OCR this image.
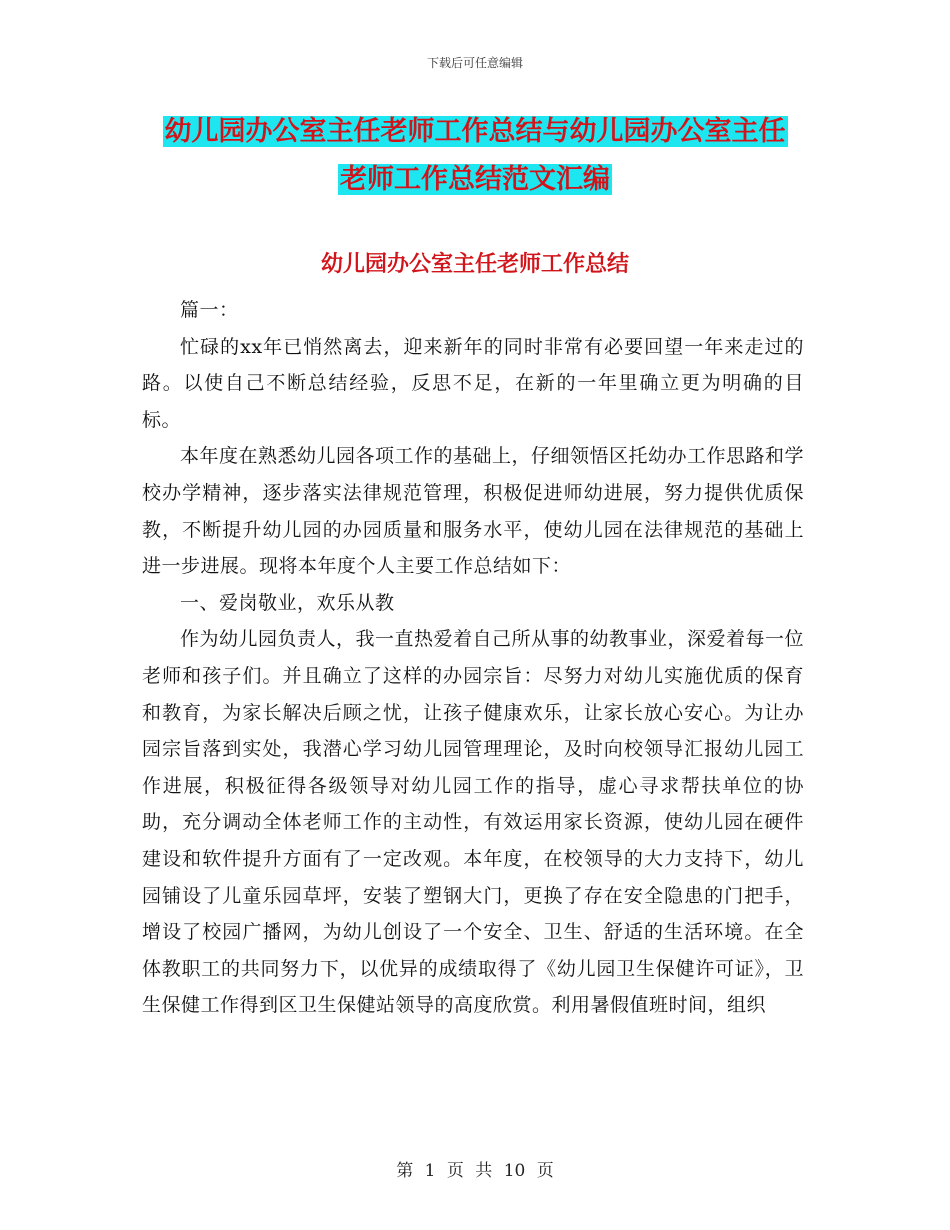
下载后可任意编辑
幼儿园办公室主任老师工作总结与幼儿园办公室主任
老师工作总结范文汇编
幼儿园办公室主任老师工作总结

篇一：

忙碌的xx年已悄然离去，迎来新年的同时非常有必要回望一年来走过的路。以使自己不断总结经验，反思不足，在新的一年里确立更为明确的目标。

本年度在熟悉幼儿园各项工作的基础上，仔细领悟区托幼办工作思路和学校办学精神，逐步落实法律规范管理，积极促进师幼进展，努力提供优质保教，不断提升幼儿园的办园质量和服务水平，使幼儿园在法律规范的基础上进一步进展。现将本年度个人主要工作总结如下：

一、爱岗敬业，欢乐从教

作为幼儿园负责人，我一直热爱着自己所从事的幼教事业，深爱着每一位老师和孩子们。并且确立了这样的办园宗旨：尽努力对幼儿实施优质的保育和教育，为家长解决后顾之忧，让孩子健康欢乐，让家长放心安心。为让办园宗旨落到实处，我潜心学习幼儿园管理理论，及时向校领导汇报幼儿园工作进展，积极征得各级领导对幼儿园工作的指导，虚心寻求帮扶单位的协助，充分调动全体老师工作的主动性，有效运用家长资源，使幼儿园在硬件建设和软件提升方面有了一定改观。本年度，在校领导的大力支持下，幼儿园铺设了儿童乐园草坪，安装了塑钢大门，更换了存在安全隐患的门把手，增设了校园广播网，为幼儿创设了一个安全、卫生、舒适的生活环境。在全体教职工的共同努力下，以优异的成绩取得了《幼儿园卫生保健许可证》，卫生保健工作得到区卫生保健站领导的高度欣赏。利用暑假值班时间，组织

第 1 页 共 10 页
